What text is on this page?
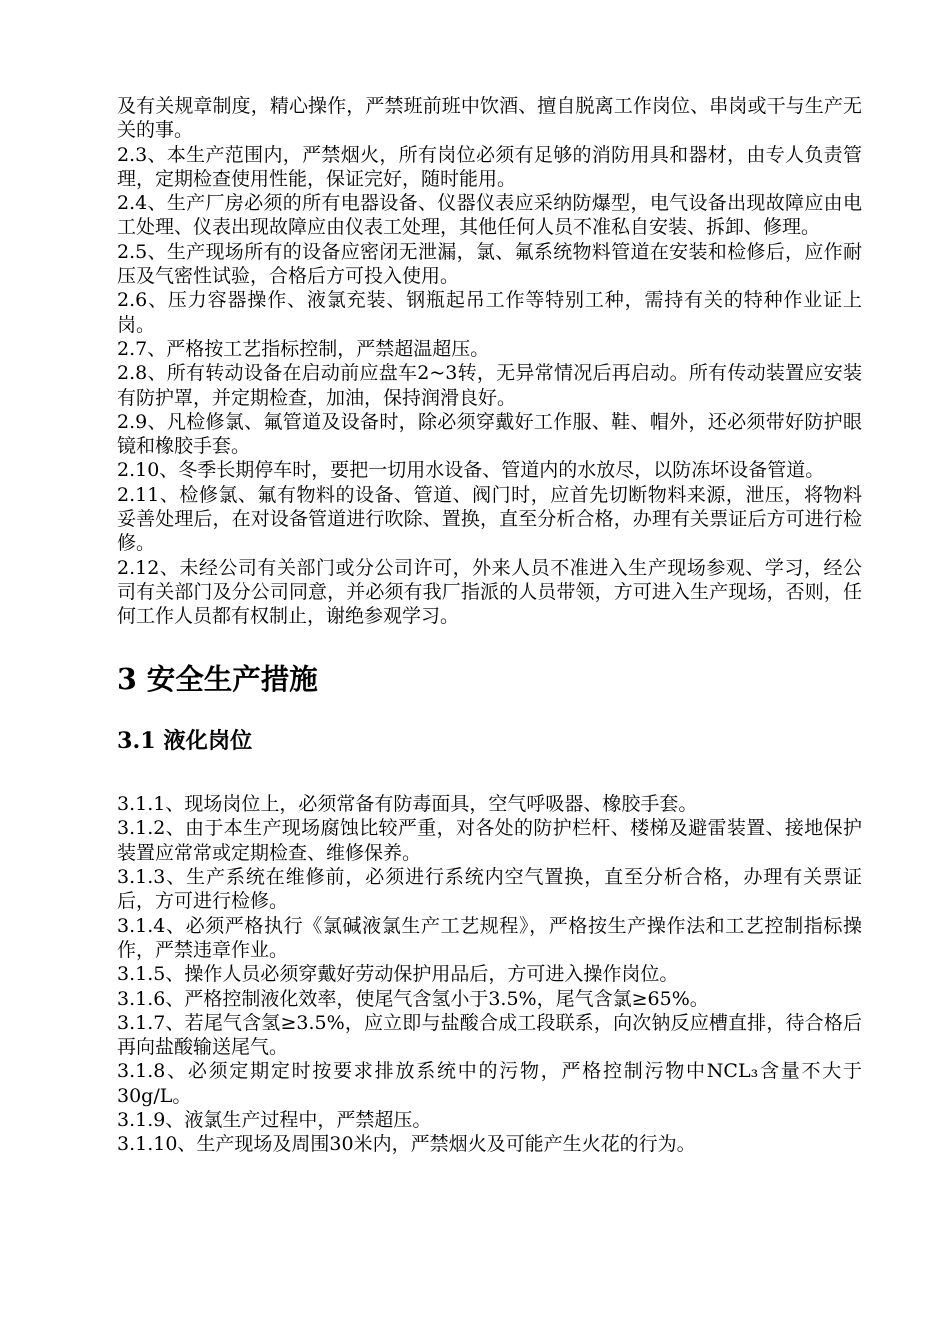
及有关规章制度，精心操作，严禁班前班中饮酒、擅自脱离工作岗位、串岗或干与生产无关的事。

2.3、本生产范围内，严禁烟火，所有岗位必须有足够的消防用具和器材，由专人负责管理，定期检查使用性能，保证完好，随时能用。

2.4、生产厂房必须的所有电器设备、仪器仪表应采纳防爆型，电气设备出现故障应由电工处理、仪表出现故障应由仪表工处理，其他任何人员不准私自安装、拆卸、修理。

2.5、生产现场所有的设备应密闭无泄漏，氯、氟系统物料管道在安装和检修后，应作耐压及气密性试验，合格后方可投入使用。

2.6、压力容器操作、液氯充装、钢瓶起吊工作等特别工种，需持有关的特种作业证上岗。

2.7、严格按工艺指标控制，严禁超温超压。

2.8、所有转动设备在启动前应盘车2~3转，无异常情况后再启动。所有传动装置应安装有防护罩，并定期检查，加油，保持润滑良好。

2.9、凡检修氯、氟管道及设备时，除必须穿戴好工作服、鞋、帽外，还必须带好防护眼镜和橡胶手套。

2.10、冬季长期停车时，要把一切用水设备、管道内的水放尽，以防冻坏设备管道。

2.11、检修氯、氟有物料的设备、管道、阀门时，应首先切断物料来源，泄压，将物料妥善处理后，在对设备管道进行吹除、置换，直至分析合格，办理有关票证后方可进行检修。

2.12、未经公司有关部门或分公司许可，外来人员不准进入生产现场参观、学习，经公司有关部门及分公司同意，并必须有我厂指派的人员带领，方可进入生产现场，否则，任何工作人员都有权制止，谢绝参观学习。

3 安全生产措施
3.1 液化岗位

3.1.1、现场岗位上，必须常备有防毒面具，空气呼吸器、橡胶手套。

3.1.2、由于本生产现场腐蚀比较严重，对各处的防护栏杆、楼梯及避雷装置、接地保护装置应常常或定期检查、维修保养。

3.1.3、生产系统在维修前，必须进行系统内空气置换，直至分析合格，办理有关票证后，方可进行检修。

3.1.4、必须严格执行《氯碱液氯生产工艺规程》，严格按生产操作法和工艺控制指标操作，严禁违章作业。

3.1.5、操作人员必须穿戴好劳动保护用品后，方可进入操作岗位。

3.1.6、严格控制液化效率，使尾气含氢小于3.5%，尾气含氯≥65%。

3.1.7、若尾气含氢≥3.5%，应立即与盐酸合成工段联系，向次钠反应槽直排，待合格后再向盐酸输送尾气。

3.1.8、必须定期定时按要求排放系统中的污物，严格控制污物中NCL₃含量不大于30g/L。

3.1.9、液氯生产过程中，严禁超压。

3.1.10、生产现场及周围30米内，严禁烟火及可能产生火花的行为。
